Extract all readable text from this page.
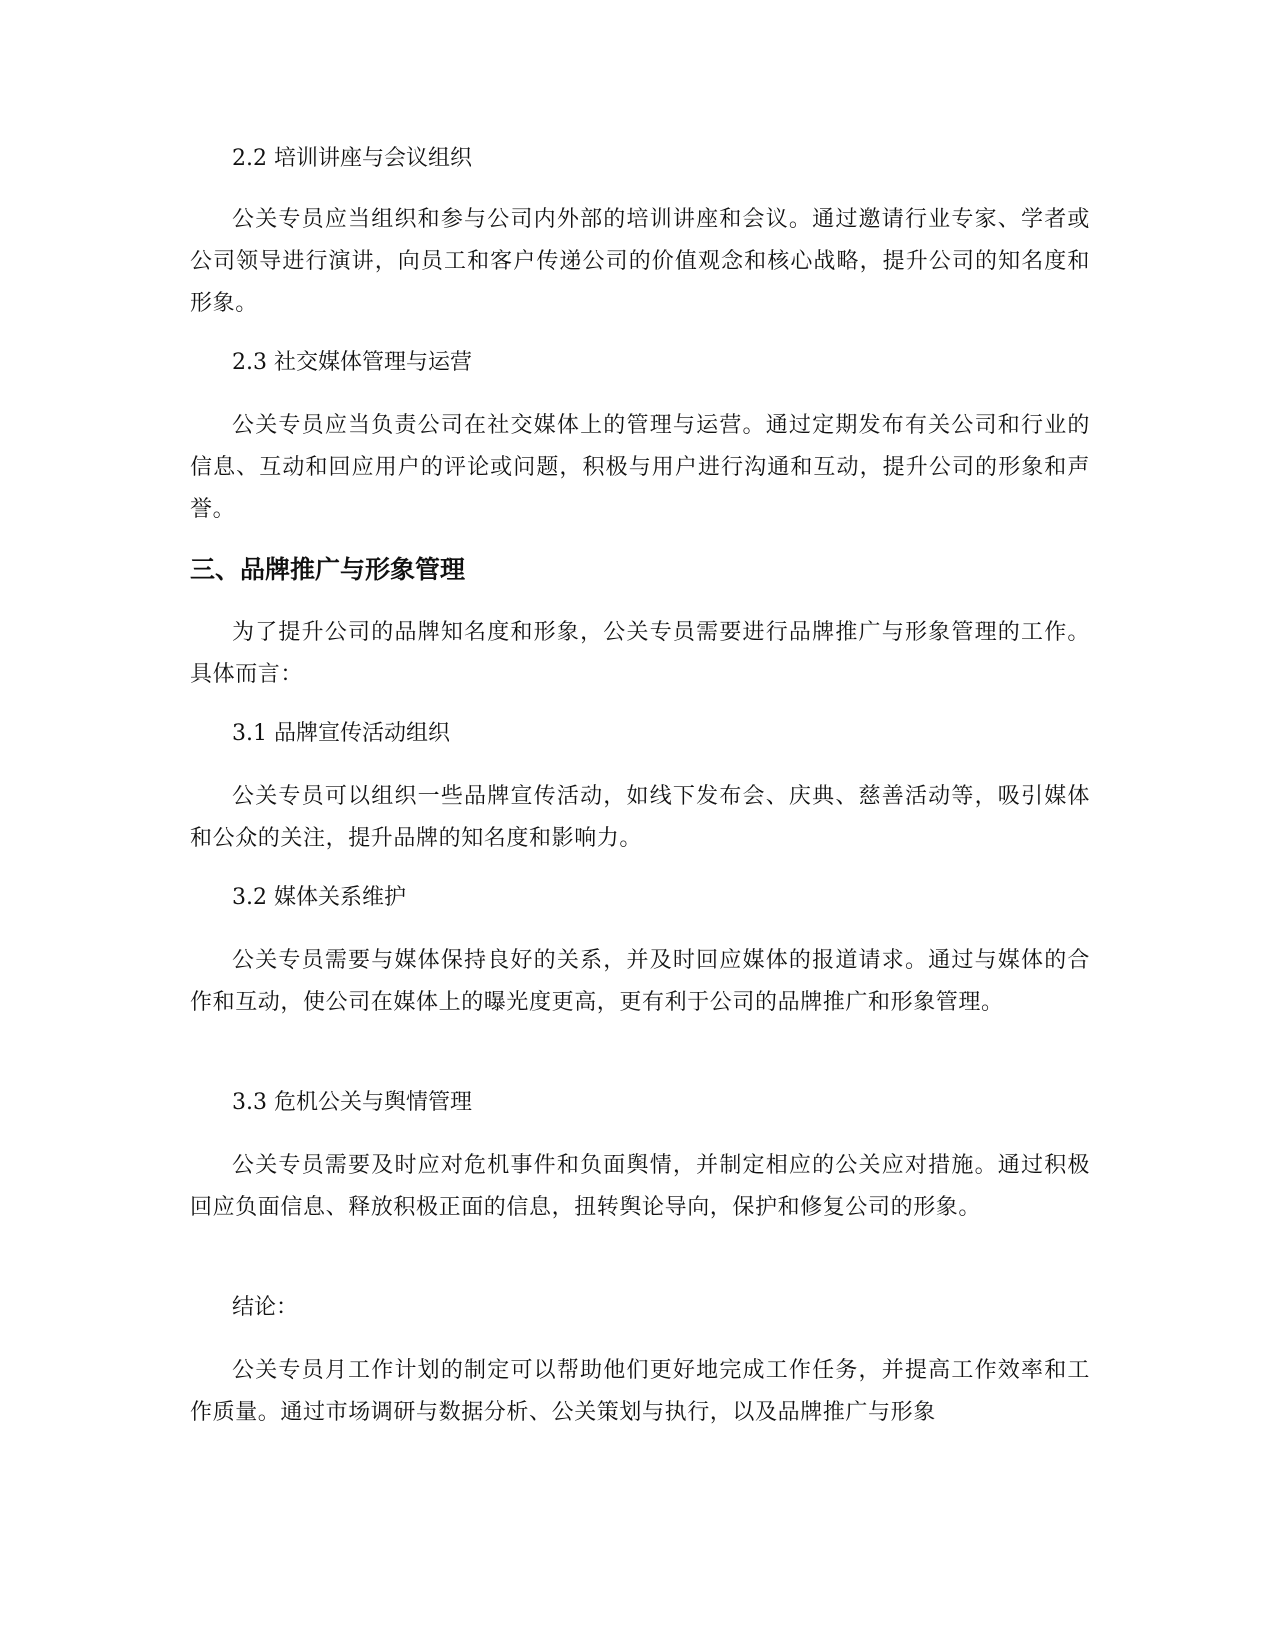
2.2 培训讲座与会议组织

公关专员应当组织和参与公司内外部的培训讲座和会议。通过邀请行业专家、学者或公司领导进行演讲，向员工和客户传递公司的价值观念和核心战略，提升公司的知名度和形象。

2.3 社交媒体管理与运营

公关专员应当负责公司在社交媒体上的管理与运营。通过定期发布有关公司和行业的信息、互动和回应用户的评论或问题，积极与用户进行沟通和互动，提升公司的形象和声誉。

三、品牌推广与形象管理

为了提升公司的品牌知名度和形象，公关专员需要进行品牌推广与形象管理的工作。具体而言：

3.1 品牌宣传活动组织

公关专员可以组织一些品牌宣传活动，如线下发布会、庆典、慈善活动等，吸引媒体和公众的关注，提升品牌的知名度和影响力。

3.2 媒体关系维护

公关专员需要与媒体保持良好的关系，并及时回应媒体的报道请求。通过与媒体的合作和互动，使公司在媒体上的曝光度更高，更有利于公司的品牌推广和形象管理。

3.3 危机公关与舆情管理

公关专员需要及时应对危机事件和负面舆情，并制定相应的公关应对措施。通过积极回应负面信息、释放积极正面的信息，扭转舆论导向，保护和修复公司的形象。

结论：

公关专员月工作计划的制定可以帮助他们更好地完成工作任务，并提高工作效率和工作质量。通过市场调研与数据分析、公关策划与执行，以及品牌推广与形象
